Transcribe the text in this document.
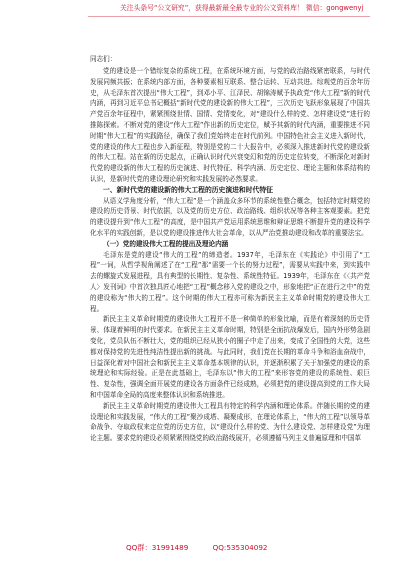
关注头条号“公文研究”，获得最新最全最专业的公文资料库！ 微信：gongwenyj

同志们：

党的建设是一个错综复杂的系统工程，在系统环境方面，与党的政治路线紧密联系，与时代发展同频共振；在系统内部方面，各种要素相互联系、整合运转、互动共进。综观党的百余年历史，从毛泽东首次提出“伟大工程”，到邓小平、江泽民、胡锦涛赋予执政党“伟大工程”新的时代内涵，再到习近平总书记概括“新时代党的建设新的伟大工程”，三次历史飞跃形象展现了中国共产党百余年征程中，紧紧围绕世情、国情、党情变化，对“建设什么样的党、怎样建设党”进行的推陈探索。不断对党的建设“伟大工程”作出新的历史定位，赋予其新的时代内涵，重要推进不同时期“伟大工程”的实践路径，确保了我们党始终走在时代前列。中国特色社会主义进入新时代，党的建设的伟大工程也步入新征程，特别是党的二十大报告中，必须深入推进新时代党的建设新的伟大工程。站在新的历史起点，正确认识时代兴衰变幻和党的历史定位转变，不断深化对新时代党的建设新的伟大工程的历史演进、时代特征、科学内涵、历史定位、理论主题和体系结构的认识，是新时代党的建设理论研究和实践发展的必然要求。

一、新时代党的建设新的伟大工程的历史演进和时代特征

从语义学角度分析，“伟大工程”是一个涵盖众多环节的系统性整合概念，包括特定时期党的建设的历史背景、时代依据，以及党的历史方位、政治路线、组织状况等各种主客观要素。把党的建设提升到“伟大工程”的高度，是中国共产党运用系统思维和辩证思维不断提升党的建设科学化水平的实践创新，是以党的建设推进伟大社会革命，以从严治党推动建设和改革的重要法宝。

（一）党的建设伟大工程的提出及理论内涵

毛泽东是党的建设“伟大的工程”的缔造者。1937年，毛泽东在《实践论》中引用了“工程”一词，从哲学视角阐述了在“工程”那“需要一个长的努力过程”，需要从实践中来，到实践中去的螺旋式发展进程，具有典型的长期性、复杂性、系统性特征。1939年，毛泽东在《〈共产党人〉发刊词》中首次独具匠心地把“工程”概念移入党的建设之中，形象地把“正在进行之中”的党的建设称为“伟大的工程”。这个时期的伟大工程亦可称为新民主主义革命时期党的建设伟大工程。

新民主主义革命时期党的建设伟大工程并不是一种简单的形象比喻，而是有着深刻的历史背景、体现着鲜明的时代要求。在新民主主义革命时期，特别是全面抗战爆发后，国内外形势急剧变化，党员队伍不断壮大，党的组织已经从狭小的圈子中走了出来，变成了全国性的大党，这些都对保持党的先进性纯洁性提出新的挑战。与此同时，我们党在长期的革命斗争和浴血奋战中，日益深化着对中国社会和新民主主义革命基本规律的认识，并逐渐积累了关于加强党的建设的系统理论和实际经验。正是在此基础上，毛泽东以“伟大的工程”来形容党的建设的系统性、艰巨性、复杂性，强调全面开展党的建设各方面条件已经成熟，必须把党的建设提高到党的工作大局和中国革命全局的高度来整体认识和系统推进。

新民主主义革命时期党的建设伟大工程具有特定的科学内涵和理论体系。伴随长期的党的建设理论和实践发展，“伟大的工程”聚沙成塔、凝聚成形，在理论体系上，“伟大的工程”以领导革命战争、夺取政权来定位党的历史方位，以“建设什么样的党、为什么建设党、怎样建设党”为理论主题。要求党的建设必须紧紧围绕党的政治路线展开，必须遵循马列主义普遍原理和中国革

QQ群：31991489	QQ:535304092
